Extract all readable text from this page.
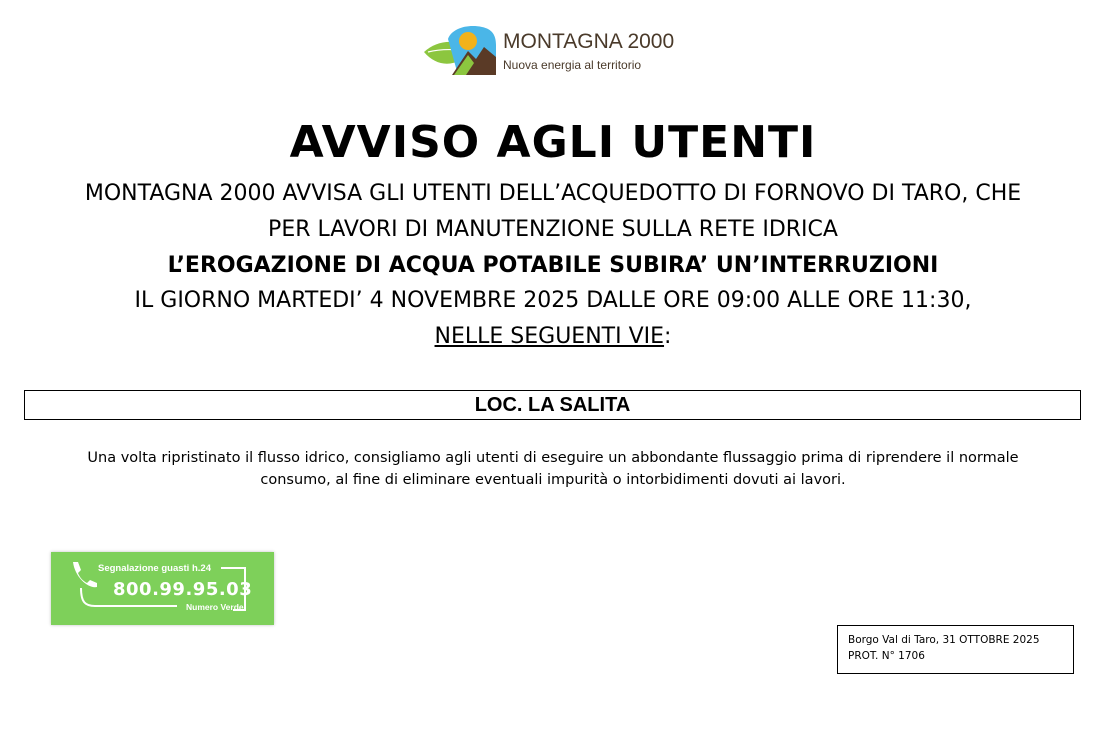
MONTAGNA 2000
Nuova energia al territorio
AVVISO AGLI UTENTI
MONTAGNA 2000 AVVISA GLI UTENTI DELL’ACQUEDOTTO DI FORNOVO DI TARO, CHE
PER LAVORI DI MANUTENZIONE SULLA RETE IDRICA
L’EROGAZIONE DI ACQUA POTABILE SUBIRA’ UN’INTERRUZIONI
IL GIORNO MARTEDI’ 4 NOVEMBRE 2025 DALLE ORE 09:00 ALLE ORE 11:30,
NELLE SEGUENTI VIE:
LOC. LA SALITA
Una volta ripristinato il flusso idrico, consigliamo agli utenti di eseguire un abbondante flussaggio prima di riprendere il normale
consumo, al fine di eliminare eventuali impurità o intorbidimenti dovuti ai lavori.
Segnalazione guasti h.24
800.99.95.03
Numero Verde
Borgo Val di Taro, 31 OTTOBRE 2025
PROT. N° 1706
